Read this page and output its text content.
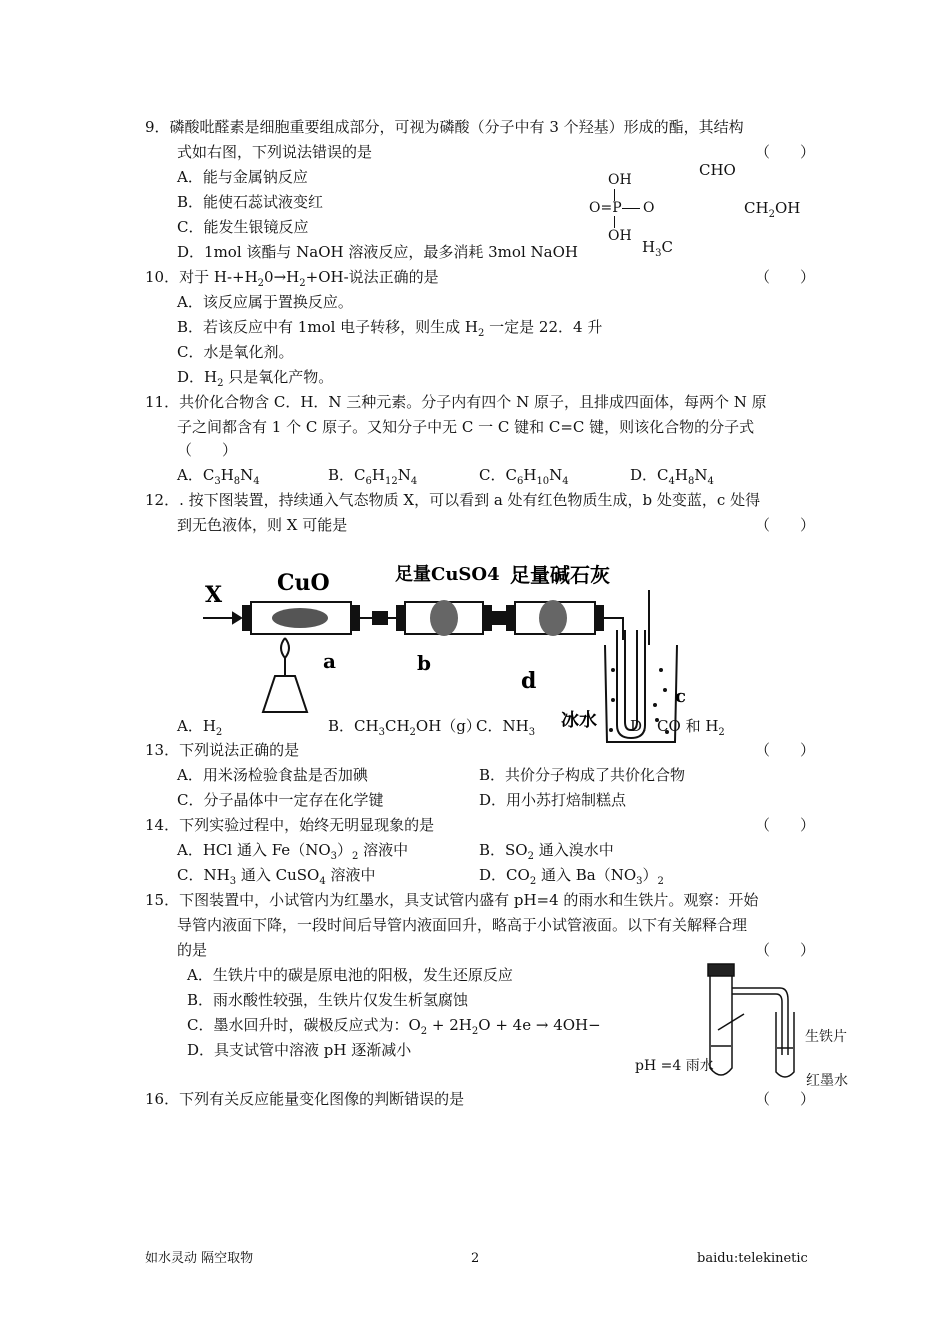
9．磷酸吡醛素是细胞重要组成部分，可视为磷酸（分子中有 3 个羟基）形成的酯，其结构
式如右图，下列说法错误的是	（　　）
A．能与金属钠反应
B．能使石蕊试液变红
C．能发生银镜反应
D．1mol 该酯与 NaOH 溶液反应，最多消耗 3mol NaOH
OH
O=P O
OH
CHO
$CH_2OH$
$H_3C$
10．对于 $H-+H_20\to H_2+OH-$说法正确的是	（　　）
A．该反应属于置换反应。
B．若该反应中有 1mol 电子转移，则生成 $H_2$ 一定是 22．4 升
C．水是氧化剂。
D．$H_2$ 只是氧化产物。
11．共价化合物含 C．H．N 三种元素。分子内有四个 N 原子，且排成四面体，每两个 N 原
子之间都含有 1 个 C 原子。又知分子中无 C 一 C 键和 C=C 键，则该化合物的分子式
（　　）
A．$C_3H_8N_4$	B．$C_6H_{12}N_4$	C．$C_6H_{10}N_4$	D．$C_4H_8N_4$
12．. 按下图装置，持续通入气态物质 X，可以看到 a 处有红色物质生成，b 处变蓝，c 处得
到无色液体，则 X 可能是	（　　）
X CuO	足量CuSO4 足量碱石灰
a	b
d
c
冰水
A．$H_2$	B．$CH_3CH_2OH(g)$
C．$NH_3$	D．CO 和 $H_2$
13．下列说法正确的是	（　　）
A．用米汤检验食盐是否加碘	B．共价分子构成了共价化合物
C．分子晶体中一定存在化学键	D．用小苏打焙制糕点
14．下列实验过程中，始终无明显现象的是	（　　）
A．HCl 通入 $Fe(NO_3)_2$ 溶液中	B．$SO_2$ 通入溴水中
C．$NH_3$ 通入 CuSO$_4$ 溶液中	D．$CO_2$ 通入 $Ba(NO_3)_2$
15．下图装置中，小试管内为红墨水，具支试管内盛有 pH=4 的雨水和生铁片。观察：开始
导管内液面下降，一段时间后导管内液面回升，略高于小试管液面。以下有关解释合理
的是	（　　）
A．生铁片中的碳是原电池的阳极，发生还原反应
B．雨水酸性较强，生铁片仅发生析氢腐蚀
C．墨水回升时，碳极反应式为：$O_2 + 2H_2O + 4e \to 4OH-$
D．具支试管中溶液 pH 逐渐减小
生铁片
pH =4 雨水
红墨水
16．下列有关反应能量变化图像的判断错误的是	（　　）
如水灵动 隔空取物	2	baidu:telekinetic
